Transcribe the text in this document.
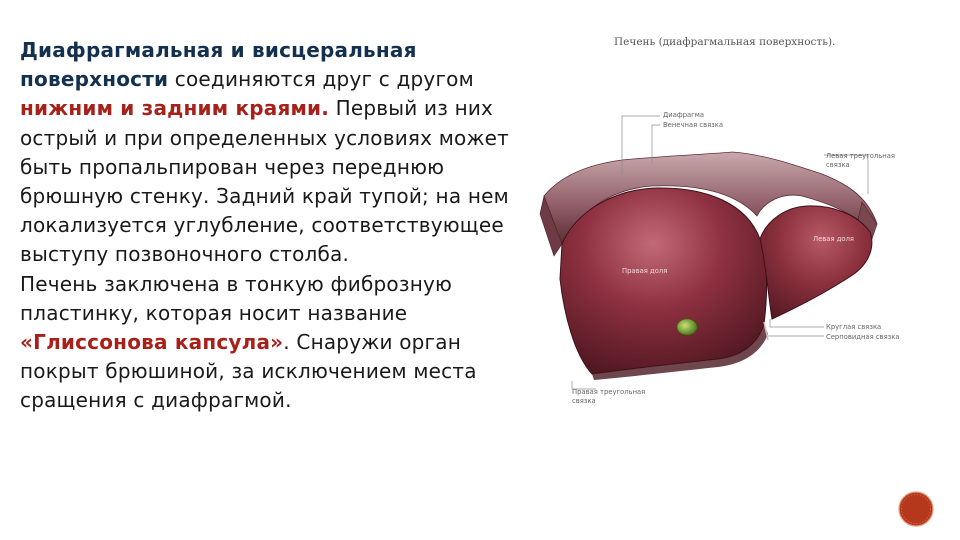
Диафрагмальная и висцеральная поверхности соединяются друг с другом нижним и задним краями. Первый из них острый и при определенных условиях может быть пропальпирован через переднюю брюшную стенку. Задний край тупой; на нем локализуется углубление, соответствующее выступу позвоночного столба.

Печень заключена в тонкую фиброзную пластинку, которая носит название «Глиссонова капсула». Снаружи орган покрыт брюшиной, за исключением места сращения с диафрагмой.

Печень (диафрагмальная поверхность).
Диафрагма
Венечная связка
Левая треугольная
связка
Левая доля
Правая доля
Круглая связка
Серповидная связка
Правая треугольная
связка
